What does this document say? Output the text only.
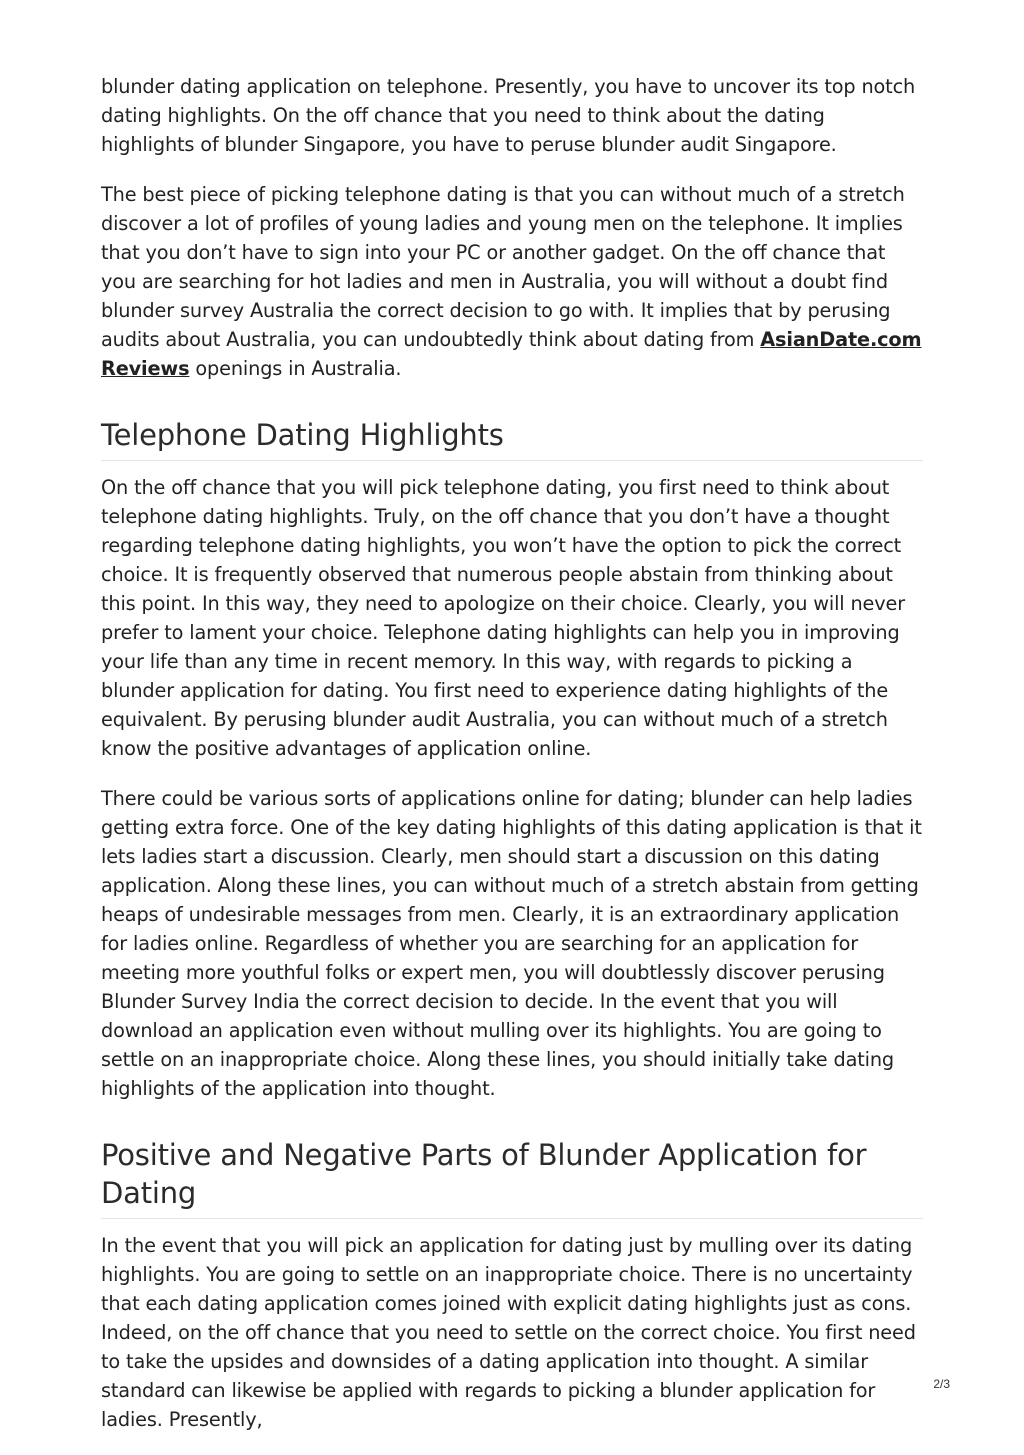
blunder dating application on telephone. Presently, you have to uncover its top notch dating highlights. On the off chance that you need to think about the dating highlights of blunder Singapore, you have to peruse blunder audit Singapore.

The best piece of picking telephone dating is that you can without much of a stretch discover a lot of profiles of young ladies and young men on the telephone. It implies that you don’t have to sign into your PC or another gadget. On the off chance that you are searching for hot ladies and men in Australia, you will without a doubt find blunder survey Australia the correct decision to go with. It implies that by perusing audits about Australia, you can undoubtedly think about dating from AsianDate.com Reviews openings in Australia.

Telephone Dating Highlights

On the off chance that you will pick telephone dating, you first need to think about telephone dating highlights. Truly, on the off chance that you don’t have a thought regarding telephone dating highlights, you won’t have the option to pick the correct choice. It is frequently observed that numerous people abstain from thinking about this point. In this way, they need to apologize on their choice. Clearly, you will never prefer to lament your choice. Telephone dating highlights can help you in improving your life than any time in recent memory. In this way, with regards to picking a blunder application for dating. You first need to experience dating highlights of the equivalent. By perusing blunder audit Australia, you can without much of a stretch know the positive advantages of application online.

There could be various sorts of applications online for dating; blunder can help ladies getting extra force. One of the key dating highlights of this dating application is that it lets ladies start a discussion. Clearly, men should start a discussion on this dating application. Along these lines, you can without much of a stretch abstain from getting heaps of undesirable messages from men. Clearly, it is an extraordinary application for ladies online. Regardless of whether you are searching for an application for meeting more youthful folks or expert men, you will doubtlessly discover perusing Blunder Survey India the correct decision to decide. In the event that you will download an application even without mulling over its highlights. You are going to settle on an inappropriate choice. Along these lines, you should initially take dating highlights of the application into thought.

Positive and Negative Parts of Blunder Application for Dating

In the event that you will pick an application for dating just by mulling over its dating highlights. You are going to settle on an inappropriate choice. There is no uncertainty that each dating application comes joined with explicit dating highlights just as cons. Indeed, on the off chance that you need to settle on the correct choice. You first need to take the upsides and downsides of a dating application into thought. A similar standard can likewise be applied with regards to picking a blunder application for ladies. Presently,

2/3
